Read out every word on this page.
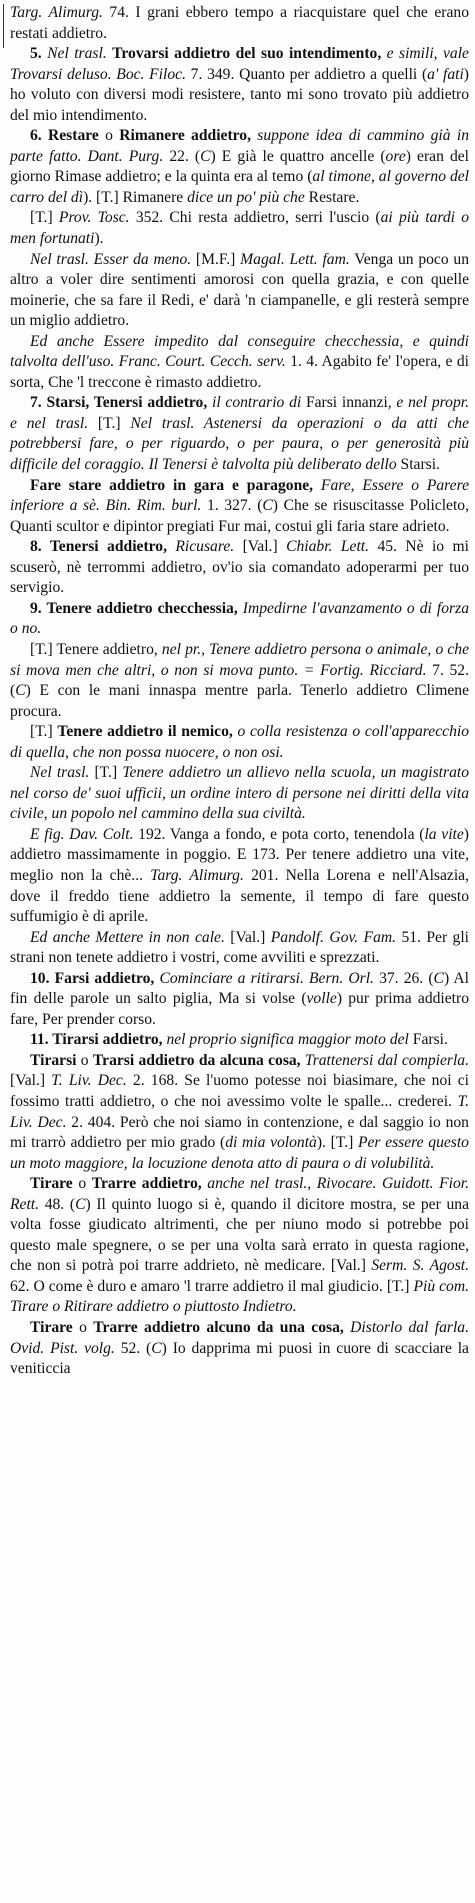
Targ. Alimurg. 74. I grani ebbero tempo a riacquistare quel che erano restati addietro.

5. Nel trasl. Trovarsi addietro del suo intendimento, e simili, vale Trovarsi deluso. Boc. Filoc. 7. 349. Quanto per addietro a quelli (a' fati) ho voluto con diversi modi resistere, tanto mi sono trovato più addietro del mio intendimento.

6. Restare o Rimanere addietro, suppone idea di cammino già in parte fatto. Dant. Purg. 22. (C) E già le quattro ancelle (ore) eran del giorno Rimase addietro; e la quinta era al temo (al timone, al governo del carro del dì). [T.] Rimanere dice un po' più che Restare.

[T.] Prov. Tosc. 352. Chi resta addietro, serri l'uscio (ai più tardi o men fortunati).

Nel trasl. Esser da meno. [M.F.] Magal. Lett. fam. Venga un poco un altro a voler dire sentimenti amorosi con quella grazia, e con quelle moinerie, che sa fare il Redi, e' darà 'n ciampanelle, e gli resterà sempre un miglio addietro.

Ed anche Essere impedito dal conseguire checchessia, e quindi talvolta dell'uso. Franc. Court. Cecch. serv. 1. 4. Agabito fe' l'opera, e di sorta, Che 'l treccone è rimasto addietro.

7. Starsi, Tenersi addietro, il contrario di Farsi innanzi, e nel propr. e nel trasl. [T.] Nel trasl. Astenersi da operazioni o da atti che potrebbersi fare, o per riguardo, o per paura, o per generosità più difficile del coraggio. Il Tenersi è talvolta più deliberato dello Starsi.

Fare stare addietro in gara e paragone, Fare, Essere o Parere inferiore a sè. Bin. Rim. burl. 1. 327. (C) Che se risuscitasse Policleto, Quanti scultor e dipintor pregiati Fur mai, costui gli faria stare adrieto.

8. Tenersi addietro, Ricusare. [Val.] Chiabr. Lett. 45. Nè io mi scuserò, nè terrommi addietro, ov'io sia comandato adoperarmi per tuo servigio.

9. Tenere addietro checchessia, Impedirne l'avanzamento o di forza o no.

[T.] Tenere addietro, nel pr., Tenere addietro persona o animale, o che si mova men che altri, o non si mova punto. = Fortig. Ricciard. 7. 52. (C) E con le mani innaspa mentre parla. Tenerlo addietro Climene procura.

[T.] Tenere addietro il nemico, o colla resistenza o coll'apparecchio di quella, che non possa nuocere, o non osi.

Nel trasl. [T.] Tenere addietro un allievo nella scuola, un magistrato nel corso de' suoi ufficii, un ordine intero di persone nei diritti della vita civile, un popolo nel cammino della sua civiltà.

E fig. Dav. Colt. 192. Vanga a fondo, e pota corto, tenendola (la vite) addietro massimamente in poggio. E 173. Per tenere addietro una vite, meglio non la chè... Targ. Alimurg. 201. Nella Lorena e nell'Alsazia, dove il freddo tiene addietro la semente, il tempo di fare questo suffumigio è di aprile.

Ed anche Mettere in non cale. [Val.] Pandolf. Gov. Fam. 51. Per gli strani non tenete addietro i vostri, come avviliti e sprezzati.

10. Farsi addietro, Cominciare a ritirarsi. Bern. Orl. 37. 26. (C) Al fin delle parole un salto piglia, Ma si volse (volle) pur prima addietro fare, Per prender corso.

11. Tirarsi addietro, nel proprio significa maggior moto del Farsi.

Tirarsi o Trarsi addietro da alcuna cosa, Trattenersi dal compierla. [Val.] T. Liv. Dec. 2. 168. Se l'uomo potesse noi biasimare, che noi ci fossimo tratti addietro, o che noi avessimo volte le spalle... crederei. T. Liv. Dec. 2. 404. Però che noi siamo in contenzione, e dal saggio io non mi trarrò addietro per mio grado (di mia volontà). [T.] Per essere questo un moto maggiore, la locuzione denota atto di paura o di volubilità.

Tirare o Trarre addietro, anche nel trasl., Rivocare. Guidott. Fior. Rett. 48. (C) Il quinto luogo si è, quando il dicitore mostra, se per una volta fosse giudicato altrimenti, che per niuno modo si potrebbe poi questo male spegnere, o se per una volta sarà errato in questa ragione, che non si potrà poi trarre addrieto, nè medicare. [Val.] Serm. S. Agost. 62. O come è duro e amaro 'l trarre addietro il mal giudicio. [T.] Più com. Tirare o Ritirare addietro o piuttosto Indietro.

Tirare o Trarre addietro alcuno da una cosa, Distorlo dal farla. Ovid. Pist. volg. 52. (C) Io dapprima mi puosi in cuore di scacciare la veniticcia
